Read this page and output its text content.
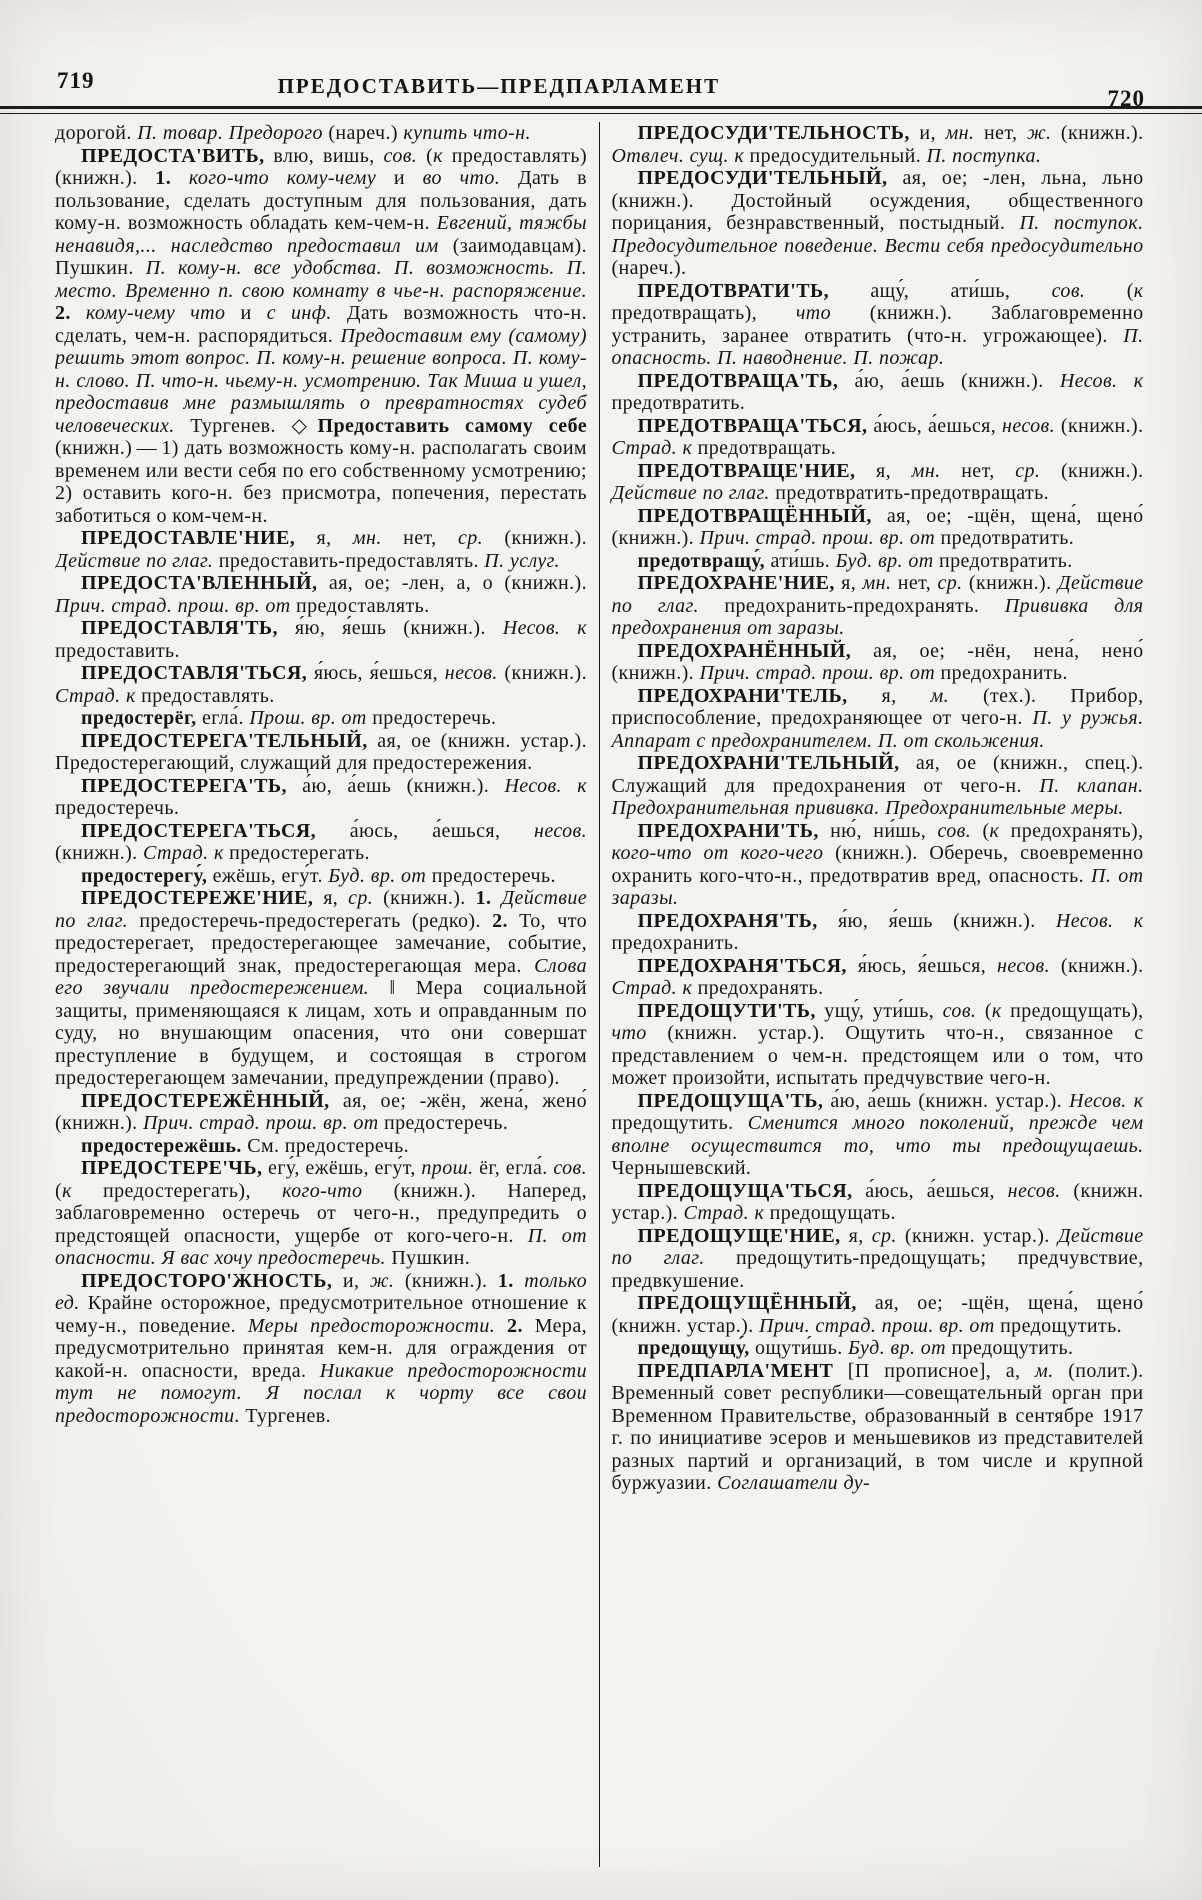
719	ПРЕДОСТАВИТЬ—ПРЕДПАРЛАМЕНТ	720

дорогой. П. товар. Предорого (нареч.) купить что-н.

ПРЕДОСТА'ВИТЬ, влю, вишь, сов. (к предоставлять) (книжн.). 1. кого-что кому-чему и во что. Дать в пользование, сделать доступным для пользования, дать кому-н. возможность обладать кем-чем-н. Евгений, тяжбы ненавидя,... наследство предоставил им (заимодавцам). Пушкин. П. кому-н. все удобства. П. возможность. П. место. Временно п. свою комнату в чье-н. распоряжение. 2. кому-чему что и с инф. Дать возможность что-н. сделать, чем-н. распорядиться. Предоставим ему (самому) решить этот вопрос. П. кому-н. решение вопроса. П. кому-н. слово. П. что-н. чьему-н. усмотрению. Так Миша и ушел, предоставив мне размышлять о превратностях судеб человеческих. Тургенев. ◇Предоставить самому себе (книжн.) — 1) дать возможность кому-н. располагать своим временем или вести себя по его собственному усмотрению; 2) оставить кого-н. без присмотра, попечения, перестать заботиться о ком-чем-н.

ПРЕДОСТАВЛЕ'НИЕ, я, мн. нет, ср. (книжн.). Действие по глаг. предоставить-предоставлять. П. услуг.

ПРЕДОСТА'ВЛЕННЫЙ, ая, ое; -лен, а, о (книжн.). Прич. страд. прош. вр. от предоставлять.

ПРЕДОСТАВЛЯ'ТЬ, я́ю, я́ешь (книжн.). Несов. к предоставить.

ПРЕДОСТАВЛЯ'ТЬСЯ, я́юсь, я́ешься, несов. (книжн.). Страд. к предоставлять.

предостерёг, егла́. Прош. вр. от предостеречь.

ПРЕДОСТЕРЕГА'ТЕЛЬНЫЙ, ая, ое (книжн. устар.). Предостерегающий, служащий для предостережения.

ПРЕДОСТЕРЕГА'ТЬ, а́ю, а́ешь (книжн.). Несов. к предостеречь.

ПРЕДОСТЕРЕГА'ТЬСЯ, а́юсь, а́ешься, несов. (книжн.). Страд. к предостерегать.

предостерегу́, ежёшь, егу́т. Буд. вр. от предостеречь.

ПРЕДОСТЕРЕЖЕ'НИЕ, я, ср. (книжн.). 1. Действие по глаг. предостеречь-предостерегать (редко). 2. То, что предостерегает, предостерегающее замечание, событие, предостерегающий знак, предостерегающая мера. Слова его звучали предостережением. ‖ Мера социальной защиты, применяющаяся к лицам, хоть и оправданным по суду, но внушающим опасения, что они совершат преступление в будущем, и состоящая в строгом предостерегающем замечании, предупреждении (право).

ПРЕДОСТЕРЕЖЁННЫЙ, ая, ое; -жён, жена́, жено́ (книжн.). Прич. страд. прош. вр. от предостеречь.

предостережёшь. См. предостеречь.

ПРЕДОСТЕРЕ'ЧЬ, егу́, ежёшь, егу́т, прош. ёг, егла́. сов. (к предостерегать), кого-что (книжн.). Наперед, заблаговременно остеречь от чего-н., предупредить о предстоящей опасности, ущербе от кого-чего-н. П. от опасности. Я вас хочу предостеречь. Пушкин.

ПРЕДОСТОРО'ЖНОСТЬ, и, ж. (книжн.). 1. только ед. Крайне осторожное, предусмотрительное отношение к чему-н., поведение. Меры предосторожности. 2. Мера, предусмотрительно принятая кем-н. для ограждения от какой-н. опасности, вреда. Никакие предосторожности тут не помогут. Я послал к чорту все свои предосторожности. Тургенев.

ПРЕДОСУДИ'ТЕЛЬНОСТЬ, и, мн. нет, ж. (книжн.). Отвлеч. сущ. к предосудительный. П. поступка.

ПРЕДОСУДИ'ТЕЛЬНЫЙ, ая, ое; -лен, льна, льно (книжн.). Достойный осуждения, общественного порицания, безнравственный, постыдный. П. поступок. Предосудительное поведение. Вести себя предосудительно (нареч.).

ПРЕДОТВРАТИ'ТЬ, ащу́, ати́шь, сов. (к предотвращать), что (книжн.). Заблаговременно устранить, заранее отвратить (что-н. угрожающее). П. опасность. П. наводнение. П. пожар.

ПРЕДОТВРАЩА'ТЬ, а́ю, а́ешь (книжн.). Несов. к предотвратить.

ПРЕДОТВРАЩА'ТЬСЯ, а́юсь, а́ешься, несов. (книжн.). Страд. к предотвращать.

ПРЕДОТВРАЩЕ'НИЕ, я, мн. нет, ср. (книжн.). Действие по глаг. предотвратить-предотвращать.

ПРЕДОТВРАЩЁННЫЙ, ая, ое; -щён, щена́, щено́ (книжн.). Прич. страд. прош. вр. от предотвратить.

предотвращу́, ати́шь. Буд. вр. от предотвратить.

ПРЕДОХРАНЕ'НИЕ, я, мн. нет, ср. (книжн.). Действие по глаг. предохранить-предохранять. Прививка для предохранения от заразы.

ПРЕДОХРАНЁННЫЙ, ая, ое; -нён, нена́, нено́ (книжн.). Прич. страд. прош. вр. от предохранить.

ПРЕДОХРАНИ'ТЕЛЬ, я, м. (тех.). Прибор, приспособление, предохраняющее от чего-н. П. у ружья. Аппарат с предохранителем. П. от скольжения.

ПРЕДОХРАНИ'ТЕЛЬНЫЙ, ая, ое (книжн., спец.). Служащий для предохранения от чего-н. П. клапан. Предохранительная прививка. Предохранительные меры.

ПРЕДОХРАНИ'ТЬ, ню́, ни́шь, сов. (к предохранять), кого-что от кого-чего (книжн.). Оберечь, своевременно охранить кого-что-н., предотвратив вред, опасность. П. от заразы.

ПРЕДОХРАНЯ'ТЬ, я́ю, я́ешь (книжн.). Несов. к предохранить.

ПРЕДОХРАНЯ'ТЬСЯ, я́юсь, я́ешься, несов. (книжн.). Страд. к предохранять.

ПРЕДОЩУТИ'ТЬ, ущу́, ути́шь, сов. (к предощущать), что (книжн. устар.). Ощутить что-н., связанное с представлением о чем-н. предстоящем или о том, что может произойти, испытать предчувствие чего-н.

ПРЕДОЩУЩА'ТЬ, а́ю, а́ешь (книжн. устар.). Несов. к предощутить. Сменится много поколений, прежде чем вполне осуществится то, что ты предощущаешь. Чернышевский.

ПРЕДОЩУЩА'ТЬСЯ, а́юсь, а́ешься, несов. (книжн. устар.). Страд. к предощущать.

ПРЕДОЩУЩЕ'НИЕ, я, ср. (книжн. устар.). Действие по глаг. предощутить-предощущать; предчувствие, предвкушение.

ПРЕДОЩУЩЁННЫЙ, ая, ое; -щён, щена́, щено́ (книжн. устар.). Прич. страд. прош. вр. от предощутить.

предощущу́, ощути́шь. Буд. вр. от предощутить.

ПРЕДПАРЛА'МЕНТ [П прописное], а, м. (полит.). Временный совет республики—совещательный орган при Временном Правительстве, образованный в сентябре 1917 г. по инициативе эсеров и меньшевиков из представителей разных партий и организаций, в том числе и крупной буржуазии. Соглашатели ду-
